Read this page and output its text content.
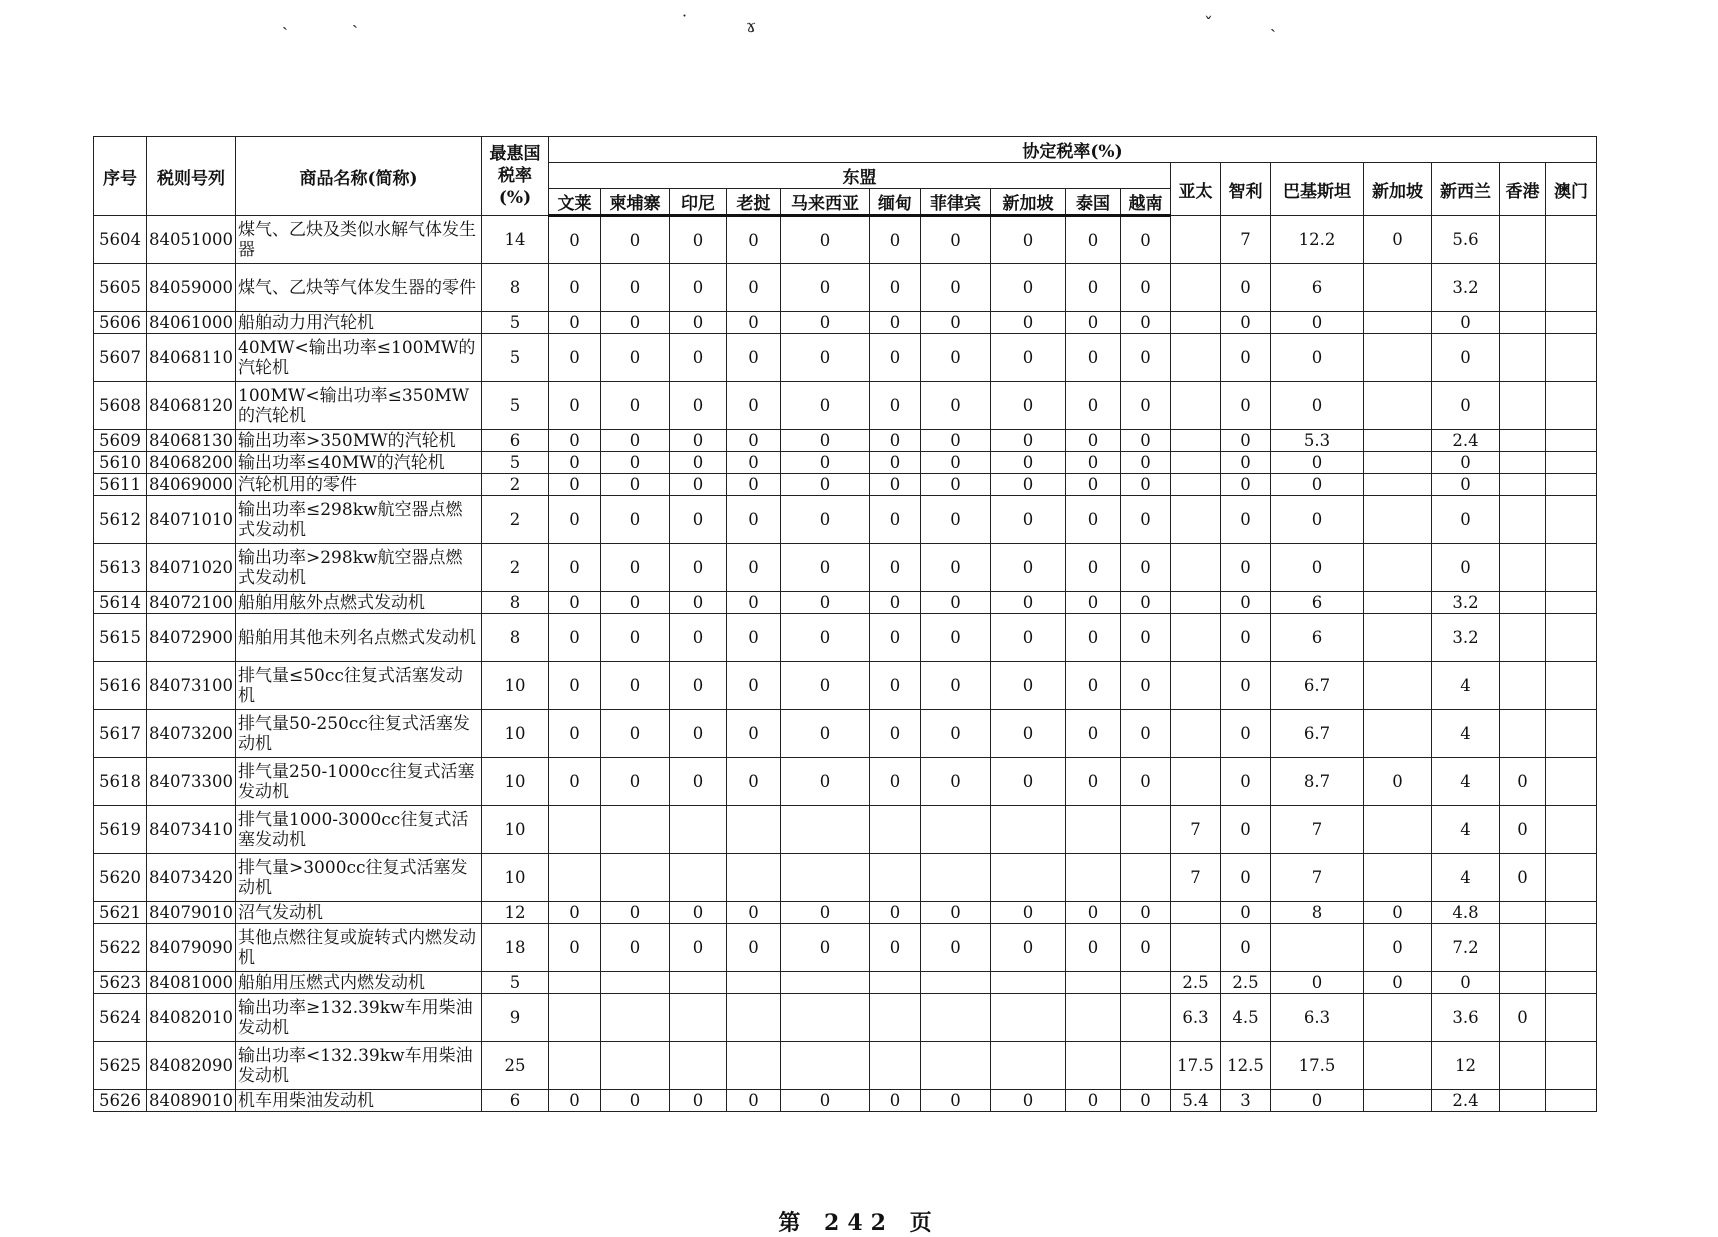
ˏ	ˎ	˙	ɤ	ˇ	ˎ
序号	税则号列	商品名称(简称)	最惠国税率(%)	协定税率(%)																
				东盟										亚太	智利	巴基斯坦	新加坡	新西兰	香港	澳门
				文莱	柬埔寨	印尼	老挝	马来西亚	缅甸	菲律宾	新加坡	泰国	越南							
5604	84051000	煤气、乙炔及类似水解气体发生器	14	0	0	0	0	0	0	0	0	0	0		7	12.2	0	5.6		
5605	84059000	煤气、乙炔等气体发生器的零件	8	0	0	0	0	0	0	0	0	0	0		0	6		3.2		
5606	84061000	船舶动力用汽轮机	5	0	0	0	0	0	0	0	0	0	0		0	0		0		
5607	84068110	40MW<输出功率≤100MW的汽轮机	5	0	0	0	0	0	0	0	0	0	0		0	0		0		
5608	84068120	100MW<输出功率≤350MW的汽轮机	5	0	0	0	0	0	0	0	0	0	0		0	0		0		
5609	84068130	输出功率>350MW的汽轮机	6	0	0	0	0	0	0	0	0	0	0		0	5.3		2.4		
5610	84068200	输出功率≤40MW的汽轮机	5	0	0	0	0	0	0	0	0	0	0		0	0		0		
5611	84069000	汽轮机用的零件	2	0	0	0	0	0	0	0	0	0	0		0	0		0		
5612	84071010	输出功率≤298kw航空器点燃式发动机	2	0	0	0	0	0	0	0	0	0	0		0	0		0		
5613	84071020	输出功率>298kw航空器点燃式发动机	2	0	0	0	0	0	0	0	0	0	0		0	0		0		
5614	84072100	船舶用舷外点燃式发动机	8	0	0	0	0	0	0	0	0	0	0		0	6		3.2		
5615	84072900	船舶用其他未列名点燃式发动机	8	0	0	0	0	0	0	0	0	0	0		0	6		3.2		
5616	84073100	排气量≤50cc往复式活塞发动机	10	0	0	0	0	0	0	0	0	0	0		0	6.7		4		
5617	84073200	排气量50-250cc往复式活塞发动机	10	0	0	0	0	0	0	0	0	0	0		0	6.7		4		
5618	84073300	排气量250-1000cc往复式活塞发动机	10	0	0	0	0	0	0	0	0	0	0		0	8.7	0	4	0	
5619	84073410	排气量1000-3000cc往复式活塞发动机	10											7	0	7		4	0	
5620	84073420	排气量>3000cc往复式活塞发动机	10											7	0	7		4	0	
5621	84079010	沼气发动机	12	0	0	0	0	0	0	0	0	0	0		0	8	0	4.8		
5622	84079090	其他点燃往复或旋转式内燃发动机	18	0	0	0	0	0	0	0	0	0	0		0		0	7.2		
5623	84081000	船舶用压燃式内燃发动机	5											2.5	2.5	0	0	0		
5624	84082010	输出功率≥132.39kw车用柴油发动机	9											6.3	4.5	6.3		3.6	0	
5625	84082090	输出功率<132.39kw车用柴油发动机	25											17.5	12.5	17.5		12		
5626	84089010	机车用柴油发动机	6	0	0	0	0	0	0	0	0	0	0	5.4	3	0		2.4		
第 242 页
